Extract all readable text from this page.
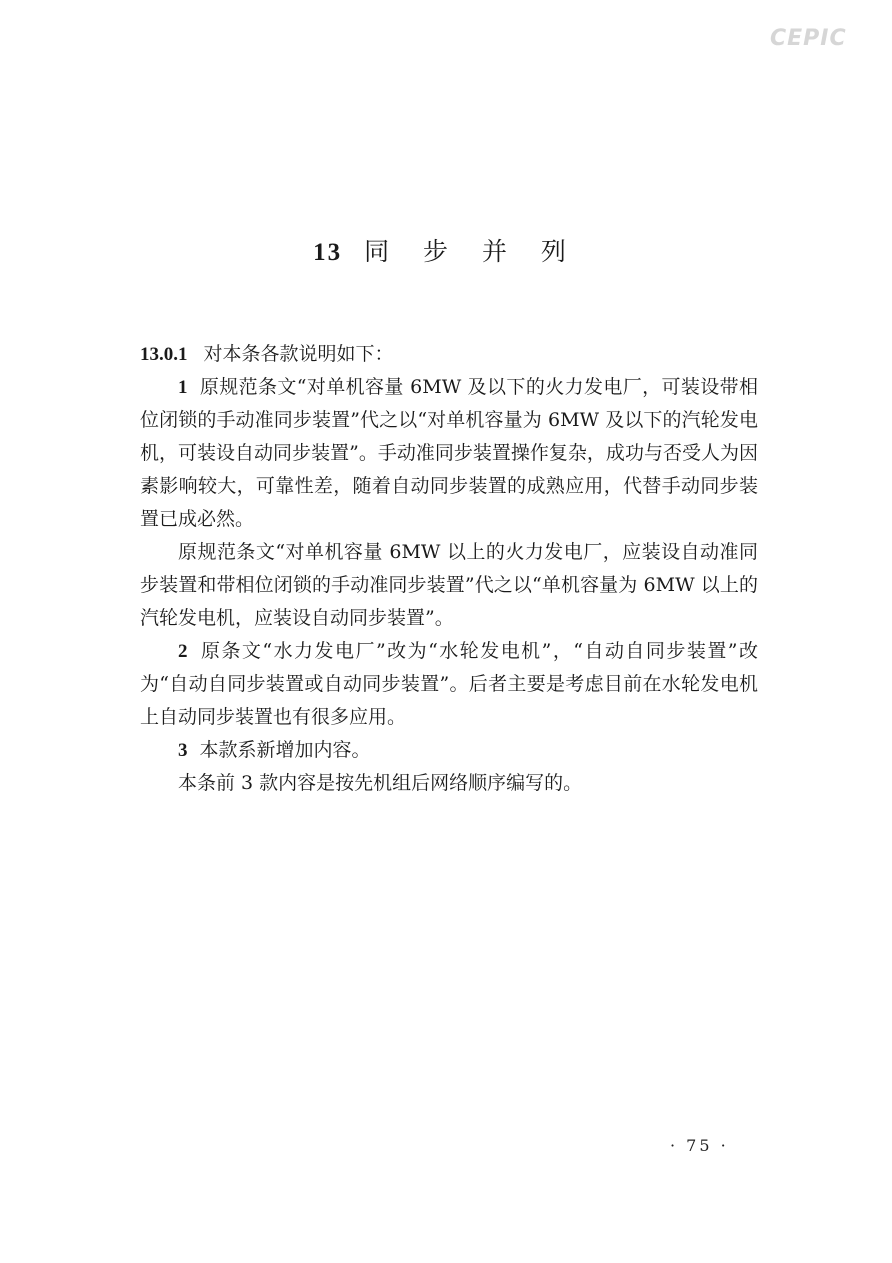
CEPIC
13 同 步 并 列

13.0.1 对本条各款说明如下：

1 原规范条文“对单机容量 6MW 及以下的火力发电厂，可装设带相位闭锁的手动准同步装置”代之以“对单机容量为 6MW 及以下的汽轮发电机，可装设自动同步装置”。手动准同步装置操作复杂，成功与否受人为因素影响较大，可靠性差，随着自动同步装置的成熟应用，代替手动同步装置已成必然。

原规范条文“对单机容量 6MW 以上的火力发电厂，应装设自动准同步装置和带相位闭锁的手动准同步装置”代之以“单机容量为 6MW 以上的汽轮发电机，应装设自动同步装置”。

2 原条文“水力发电厂”改为“水轮发电机”，“自动自同步装置”改为“自动自同步装置或自动同步装置”。后者主要是考虑目前在水轮发电机上自动同步装置也有很多应用。

3 本款系新增加内容。

本条前 3 款内容是按先机组后网络顺序编写的。

· 75 ·
